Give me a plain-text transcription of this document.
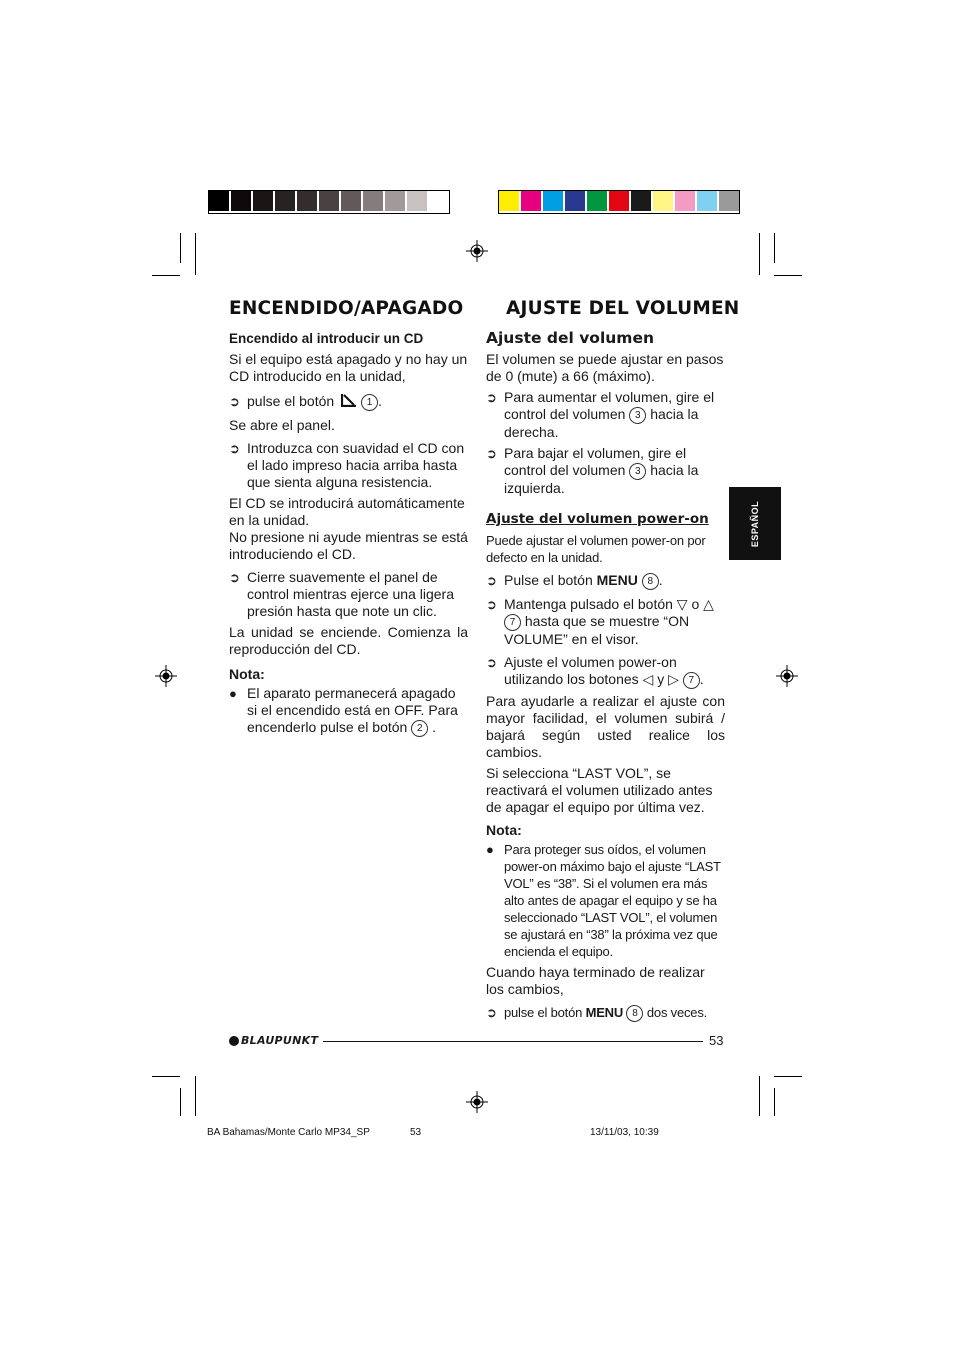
ENCENDIDO/APAGADO AJUSTE DEL VOLUMEN

Encendido al introducir un CD

Si el equipo está apagado y no hay un CD introducido en la unidad,

➲ pulse el botón	1 .

Se abre el panel.

➲ Introduzca con suavidad el CD con el lado impreso hacia arriba hasta que sienta alguna resistencia.

El CD se introducirá automáticamente en la unidad.

No presione ni ayude mientras se está introduciendo el CD.

➲ Cierre suavemente el panel de control mientras ejerce una ligera presión hasta que note un clic.

La unidad se enciende. Comienza la reproducción del CD.

Nota:

● El aparato permanecerá apagado si el encendido está en OFF. Para encenderlo pulse el botón 2 .

Ajuste del volumen

El volumen se puede ajustar en pasos de 0 (mute) a 66 (máximo).

➲ Para aumentar el volumen, gire el control del volumen 3 hacia la derecha.
➲ Para bajar el volumen, gire el control del volumen 3 hacia la izquierda.

Ajuste del volumen power-on

Puede ajustar el volumen power-on por defecto en la unidad.

➲ Pulse el botón MENU 8 .
➲ Mantenga pulsado el botón ▽ o △ 7 hasta que se muestre “ON VOLUME” en el visor.
➲ Ajuste el volumen power-on utilizando los botones ◁ y ▷ 7 .

Para ayudarle a realizar el ajuste con mayor facilidad, el volumen subirá / bajará según usted realice los cambios.

Si selecciona “LAST VOL”, se reactivará el volumen utilizado antes de apagar el equipo por última vez.

Nota:

● Para proteger sus oídos, el volumen power-on máximo bajo el ajuste “LAST VOL” es “38”. Si el volumen era más alto antes de apagar el equipo y se ha seleccionado “LAST VOL”, el volumen se ajustará en “38” la próxima vez que encienda el equipo.

Cuando haya terminado de realizar los cambios,

➲ pulse el botón MENU 8 dos veces.
ESPAÑOL
BLAUPUNKT	53
BA Bahamas/Monte Carlo MP34_SP	53	13/11/03, 10:39
